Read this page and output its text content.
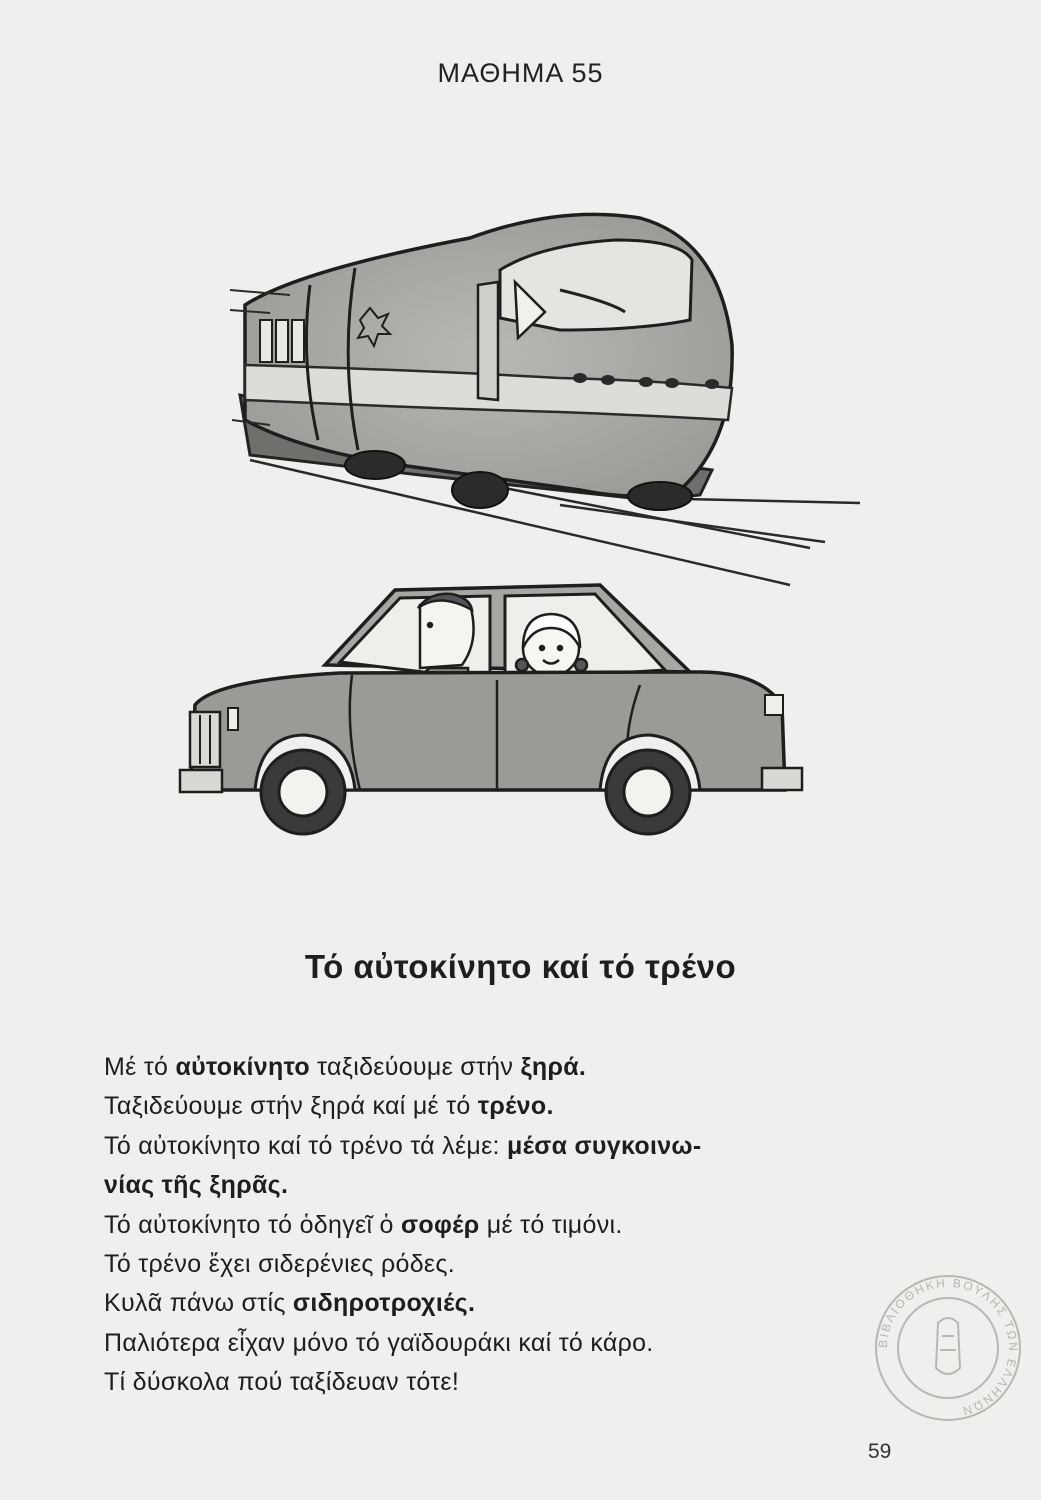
ΜΑΘΗΜΑ 55
Τό αὐτοκίνητο καί τό τρένο
Μέ τό αὐτοκίνητο ταξιδεύουμε στήν ξηρά.
Ταξιδεύουμε στήν ξηρά καί μέ τό τρένο.
Τό αὐτοκίνητο καί τό τρένο τά λέμε: μέσα συγκοινω-
νίας τῆς ξηρᾶς.
Τό αὐτοκίνητο τό ὁδηγεῖ ὁ σοφέρ μέ τό τιμόνι.
Τό τρένο ἔχει σιδερένιες ρόδες.
Κυλᾶ πάνω στίς σιδηροτροχιές.
Παλιότερα εἶχαν μόνο τό γαϊδουράκι καί τό κάρο.
Τί δύσκολα πού ταξίδευαν τότε!
ΒΙΒΛΙΟΘΗΚΗ ΒΟΥΛΗΣ ΤΩΝ ΕΛΛΗΝΩΝ
59
